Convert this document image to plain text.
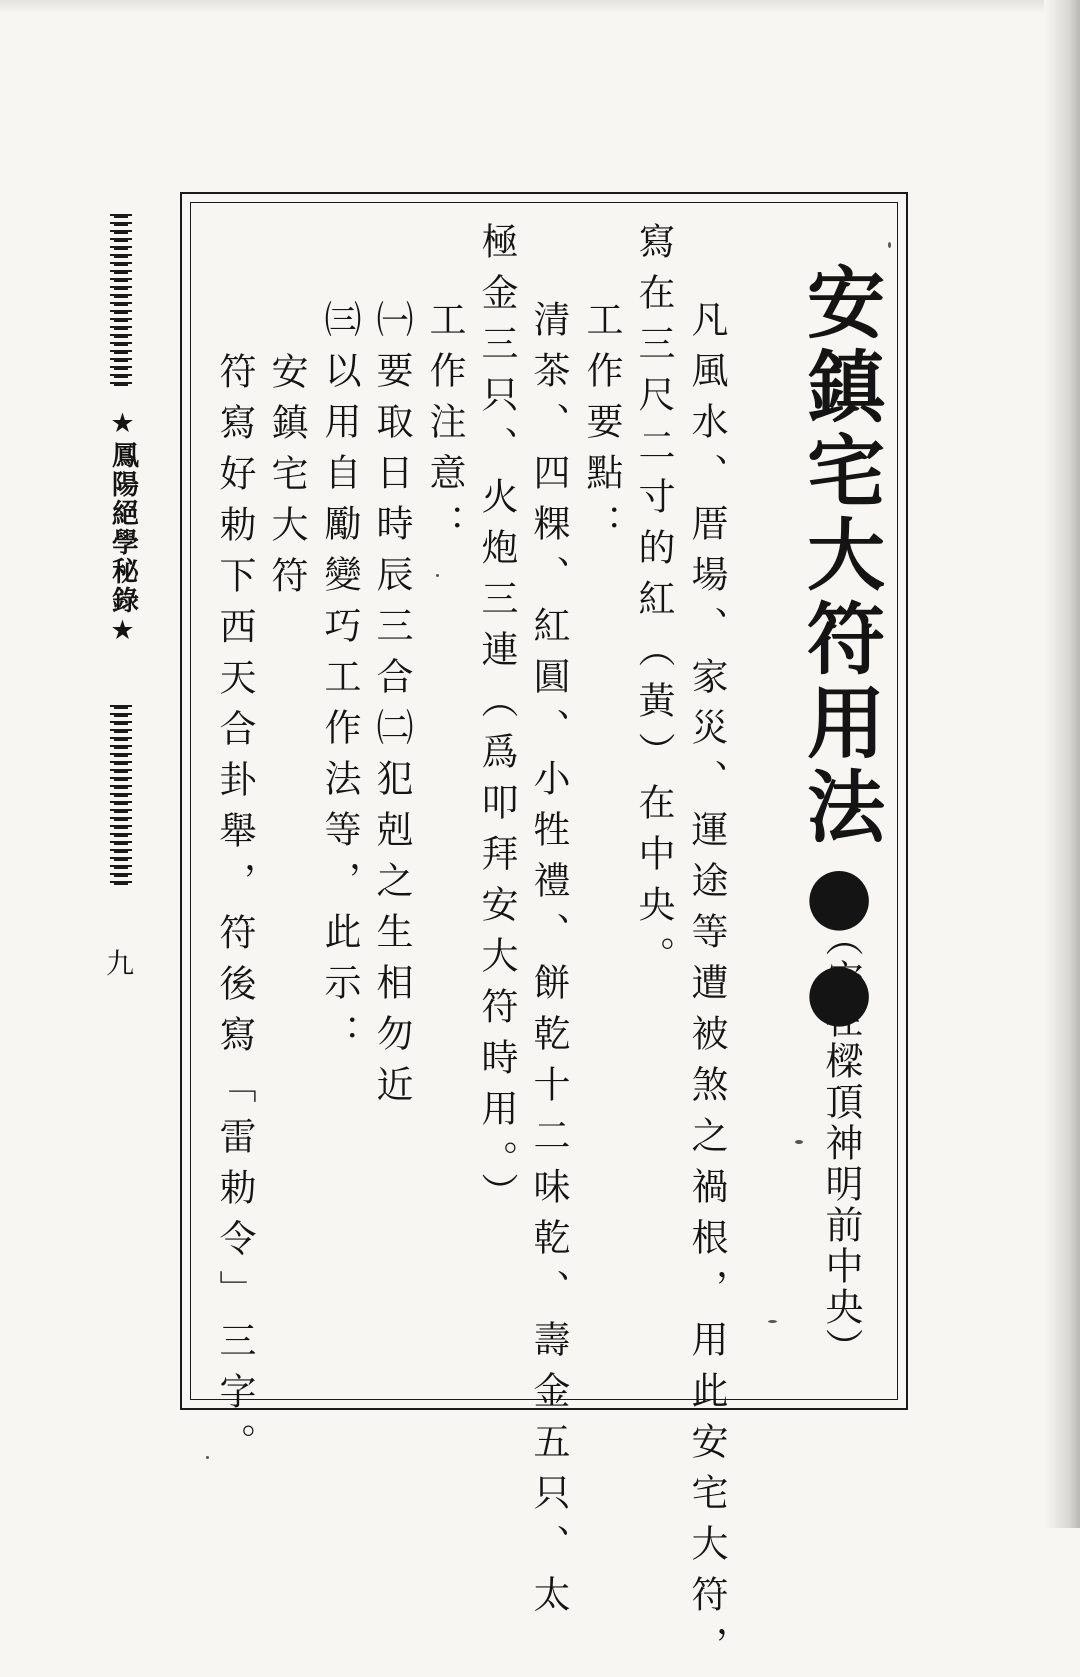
★鳳陽絕學秘錄★
九	安鎮宅大符用法●●
（安在樑頂神明前中央）
凡風水、厝場、家災、運途等遭被煞之禍根，用此安宅大符，
寫在三尺二寸的紅（黃）在中央。
工作要點：
清茶、四粿、紅圓、小牲禮、餅乾十二味乾、壽金五只、太
極金三只、火炮三連（爲叩拜安大符時用。）
工作注意：
㈠要取日時辰三合㈡犯剋之生相勿近
㈢以用自勵變巧工作法等，此示：
安鎮宅大符
符寫好勅下西天合卦舉，符後寫「雷勅令」三字。
